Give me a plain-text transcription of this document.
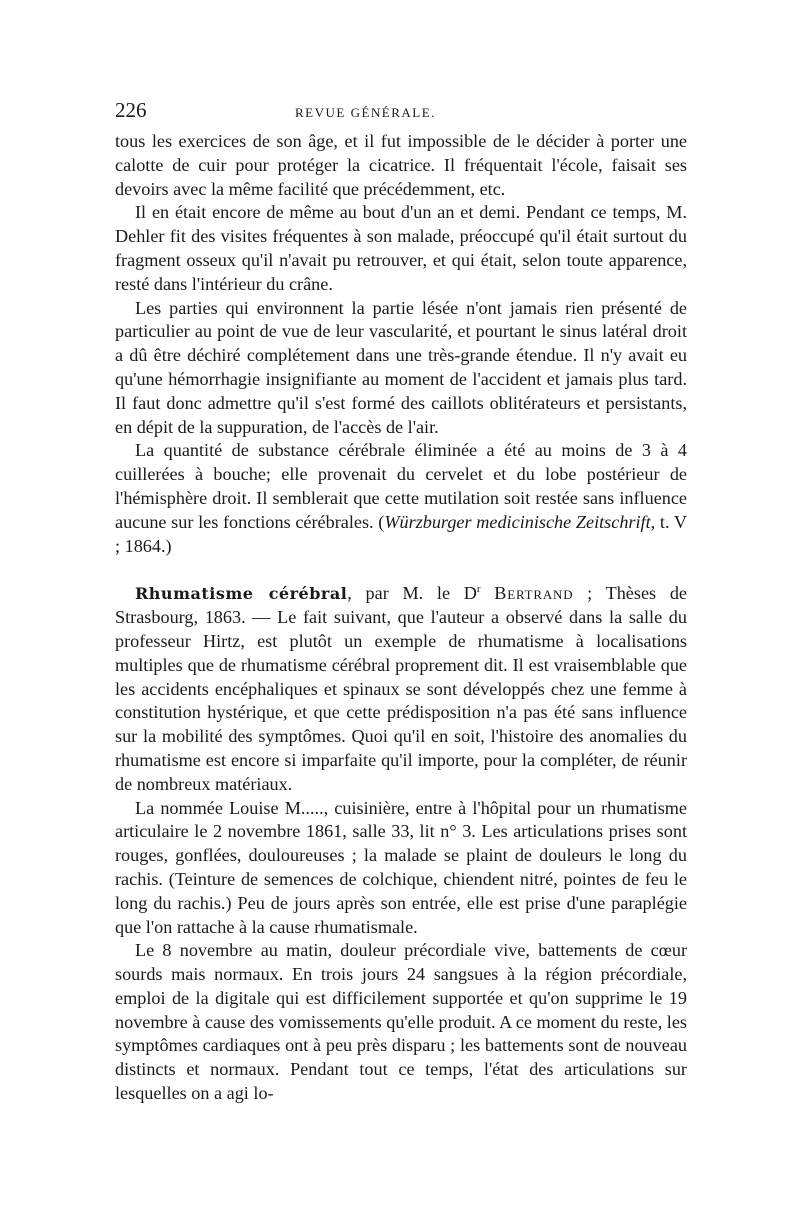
226	REVUE GÉNÉRALE.

tous les exercices de son âge, et il fut impossible de le décider à porter une calotte de cuir pour protéger la cicatrice. Il fréquentait l'école, faisait ses devoirs avec la même facilité que précédemment, etc.

Il en était encore de même au bout d'un an et demi. Pendant ce temps, M. Dehler fit des visites fréquentes à son malade, préoccupé qu'il était surtout du fragment osseux qu'il n'avait pu retrouver, et qui était, selon toute apparence, resté dans l'intérieur du crâne.

Les parties qui environnent la partie lésée n'ont jamais rien présenté de particulier au point de vue de leur vascularité, et pourtant le sinus latéral droit a dû être déchiré complétement dans une très-grande étendue. Il n'y avait eu qu'une hémorrhagie insignifiante au moment de l'accident et jamais plus tard. Il faut donc admettre qu'il s'est formé des caillots oblitérateurs et persistants, en dépit de la suppuration, de l'accès de l'air.

La quantité de substance cérébrale éliminée a été au moins de 3 à 4 cuillerées à bouche; elle provenait du cervelet et du lobe postérieur de l'hémisphère droit. Il semblerait que cette mutilation soit restée sans influence aucune sur les fonctions cérébrales. (Würzburger medicinische Zeitschrift, t. V ; 1864.)

Rhumatisme cérébral, par M. le $D^r$ Bertrand ; Thèses de Strasbourg, 1863. — Le fait suivant, que l'auteur a observé dans la salle du professeur Hirtz, est plutôt un exemple de rhumatisme à localisations multiples que de rhumatisme cérébral proprement dit. Il est vraisemblable que les accidents encéphaliques et spinaux se sont développés chez une femme à constitution hystérique, et que cette prédisposition n'a pas été sans influence sur la mobilité des symptômes. Quoi qu'il en soit, l'histoire des anomalies du rhumatisme est encore si imparfaite qu'il importe, pour la compléter, de réunir de nombreux matériaux.

La nommée Louise M....., cuisinière, entre à l'hôpital pour un rhumatisme articulaire le 2 novembre 1861, salle 33, lit n° 3. Les articulations prises sont rouges, gonflées, douloureuses ; la malade se plaint de douleurs le long du rachis. (Teinture de semences de colchique, chiendent nitré, pointes de feu le long du rachis.) Peu de jours après son entrée, elle est prise d'une paraplégie que l'on rattache à la cause rhumatismale.

Le 8 novembre au matin, douleur précordiale vive, battements de cœur sourds mais normaux. En trois jours 24 sangsues à la région précordiale, emploi de la digitale qui est difficilement supportée et qu'on supprime le 19 novembre à cause des vomissements qu'elle produit. A ce moment du reste, les symptômes cardiaques ont à peu près disparu ; les battements sont de nouveau distincts et normaux. Pendant tout ce temps, l'état des articulations sur lesquelles on a agi lo-
